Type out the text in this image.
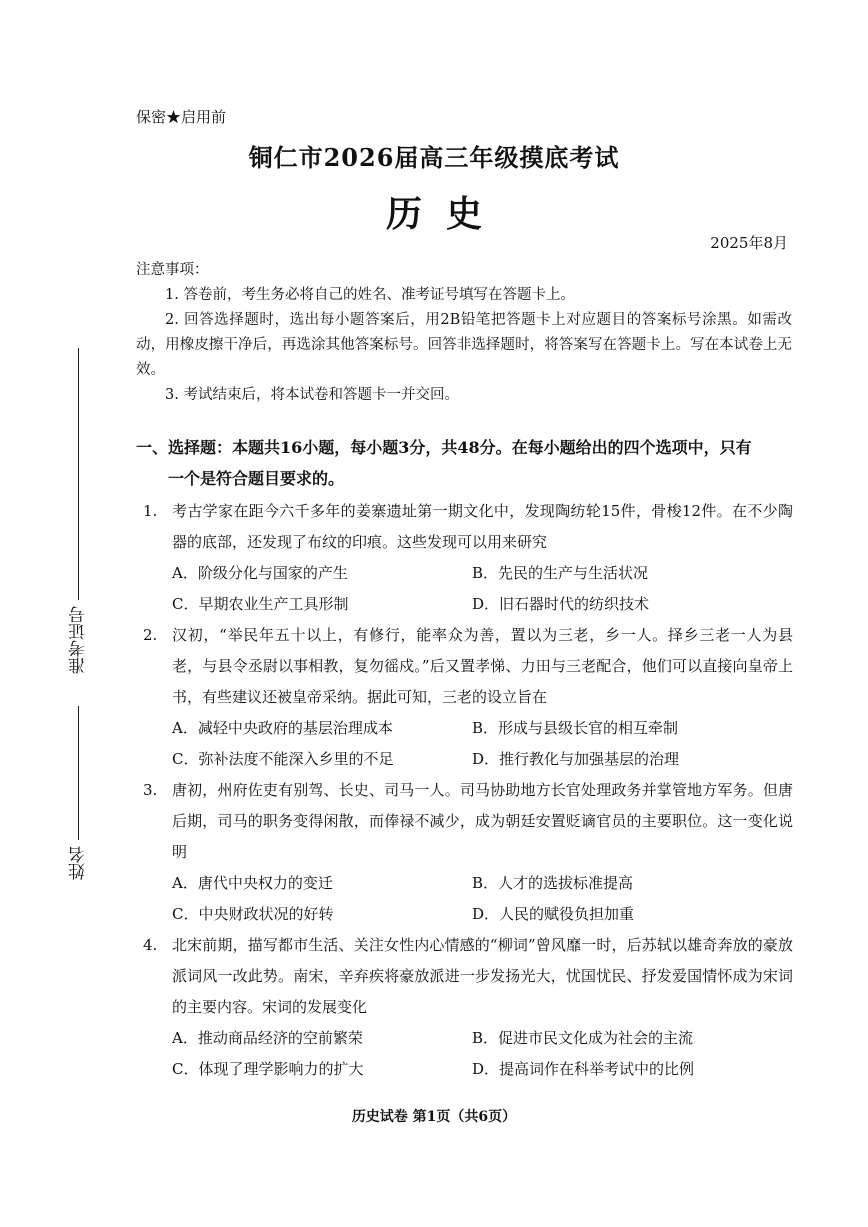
保密★启用前
铜仁市2026届高三年级摸底考试
历史
2025年8月

注意事项：

1. 答卷前，考生务必将自己的姓名、准考证号填写在答题卡上。

2. 回答选择题时，选出每小题答案后，用2B铅笔把答题卡上对应题目的答案标号涂黑。如需改动，用橡皮擦干净后，再选涂其他答案标号。回答非选择题时，将答案写在答题卡上。写在本试卷上无效。

3. 考试结束后，将本试卷和答题卡一并交回。

一、选择题：本题共16小题，每小题3分，共48分。在每小题给出的四个选项中，只有
一个是符合题目要求的。
1. 考古学家在距今六千多年的姜寨遗址第一期文化中，发现陶纺轮15件，骨梭12件。在不少陶器的底部，还发现了布纹的印痕。这些发现可以用来研究
A．阶级分化与国家的产生	B．先民的生产与生活状况
C．早期农业生产工具形制	D．旧石器时代的纺织技术
2. 汉初，“举民年五十以上，有修行，能率众为善，置以为三老，乡一人。择乡三老一人为县老，与县令丞尉以事相教，复勿徭戍。”后又置孝悌、力田与三老配合，他们可以直接向皇帝上书，有些建议还被皇帝采纳。据此可知，三老的设立旨在
A．减轻中央政府的基层治理成本	B．形成与县级长官的相互牵制
C．弥补法度不能深入乡里的不足	D．推行教化与加强基层的治理
3. 唐初，州府佐吏有别驾、长史、司马一人。司马协助地方长官处理政务并掌管地方军务。但唐后期，司马的职务变得闲散，而俸禄不减少，成为朝廷安置贬谪官员的主要职位。这一变化说明
A．唐代中央权力的变迁	B．人才的选拔标准提高
C．中央财政状况的好转	D．人民的赋役负担加重
4. 北宋前期，描写都市生活、关注女性内心情感的“柳词”曾风靡一时，后苏轼以雄奇奔放的豪放派词风一改此势。南宋，辛弃疾将豪放派进一步发扬光大，忧国忧民、抒发爱国情怀成为宋词的主要内容。宋词的发展变化
A．推动商品经济的空前繁荣	B．促进市民文化成为社会的主流
C．体现了理学影响力的扩大	D．提高词作在科举考试中的比例
准考证号
姓名
历史试卷 第1页（共6页）
